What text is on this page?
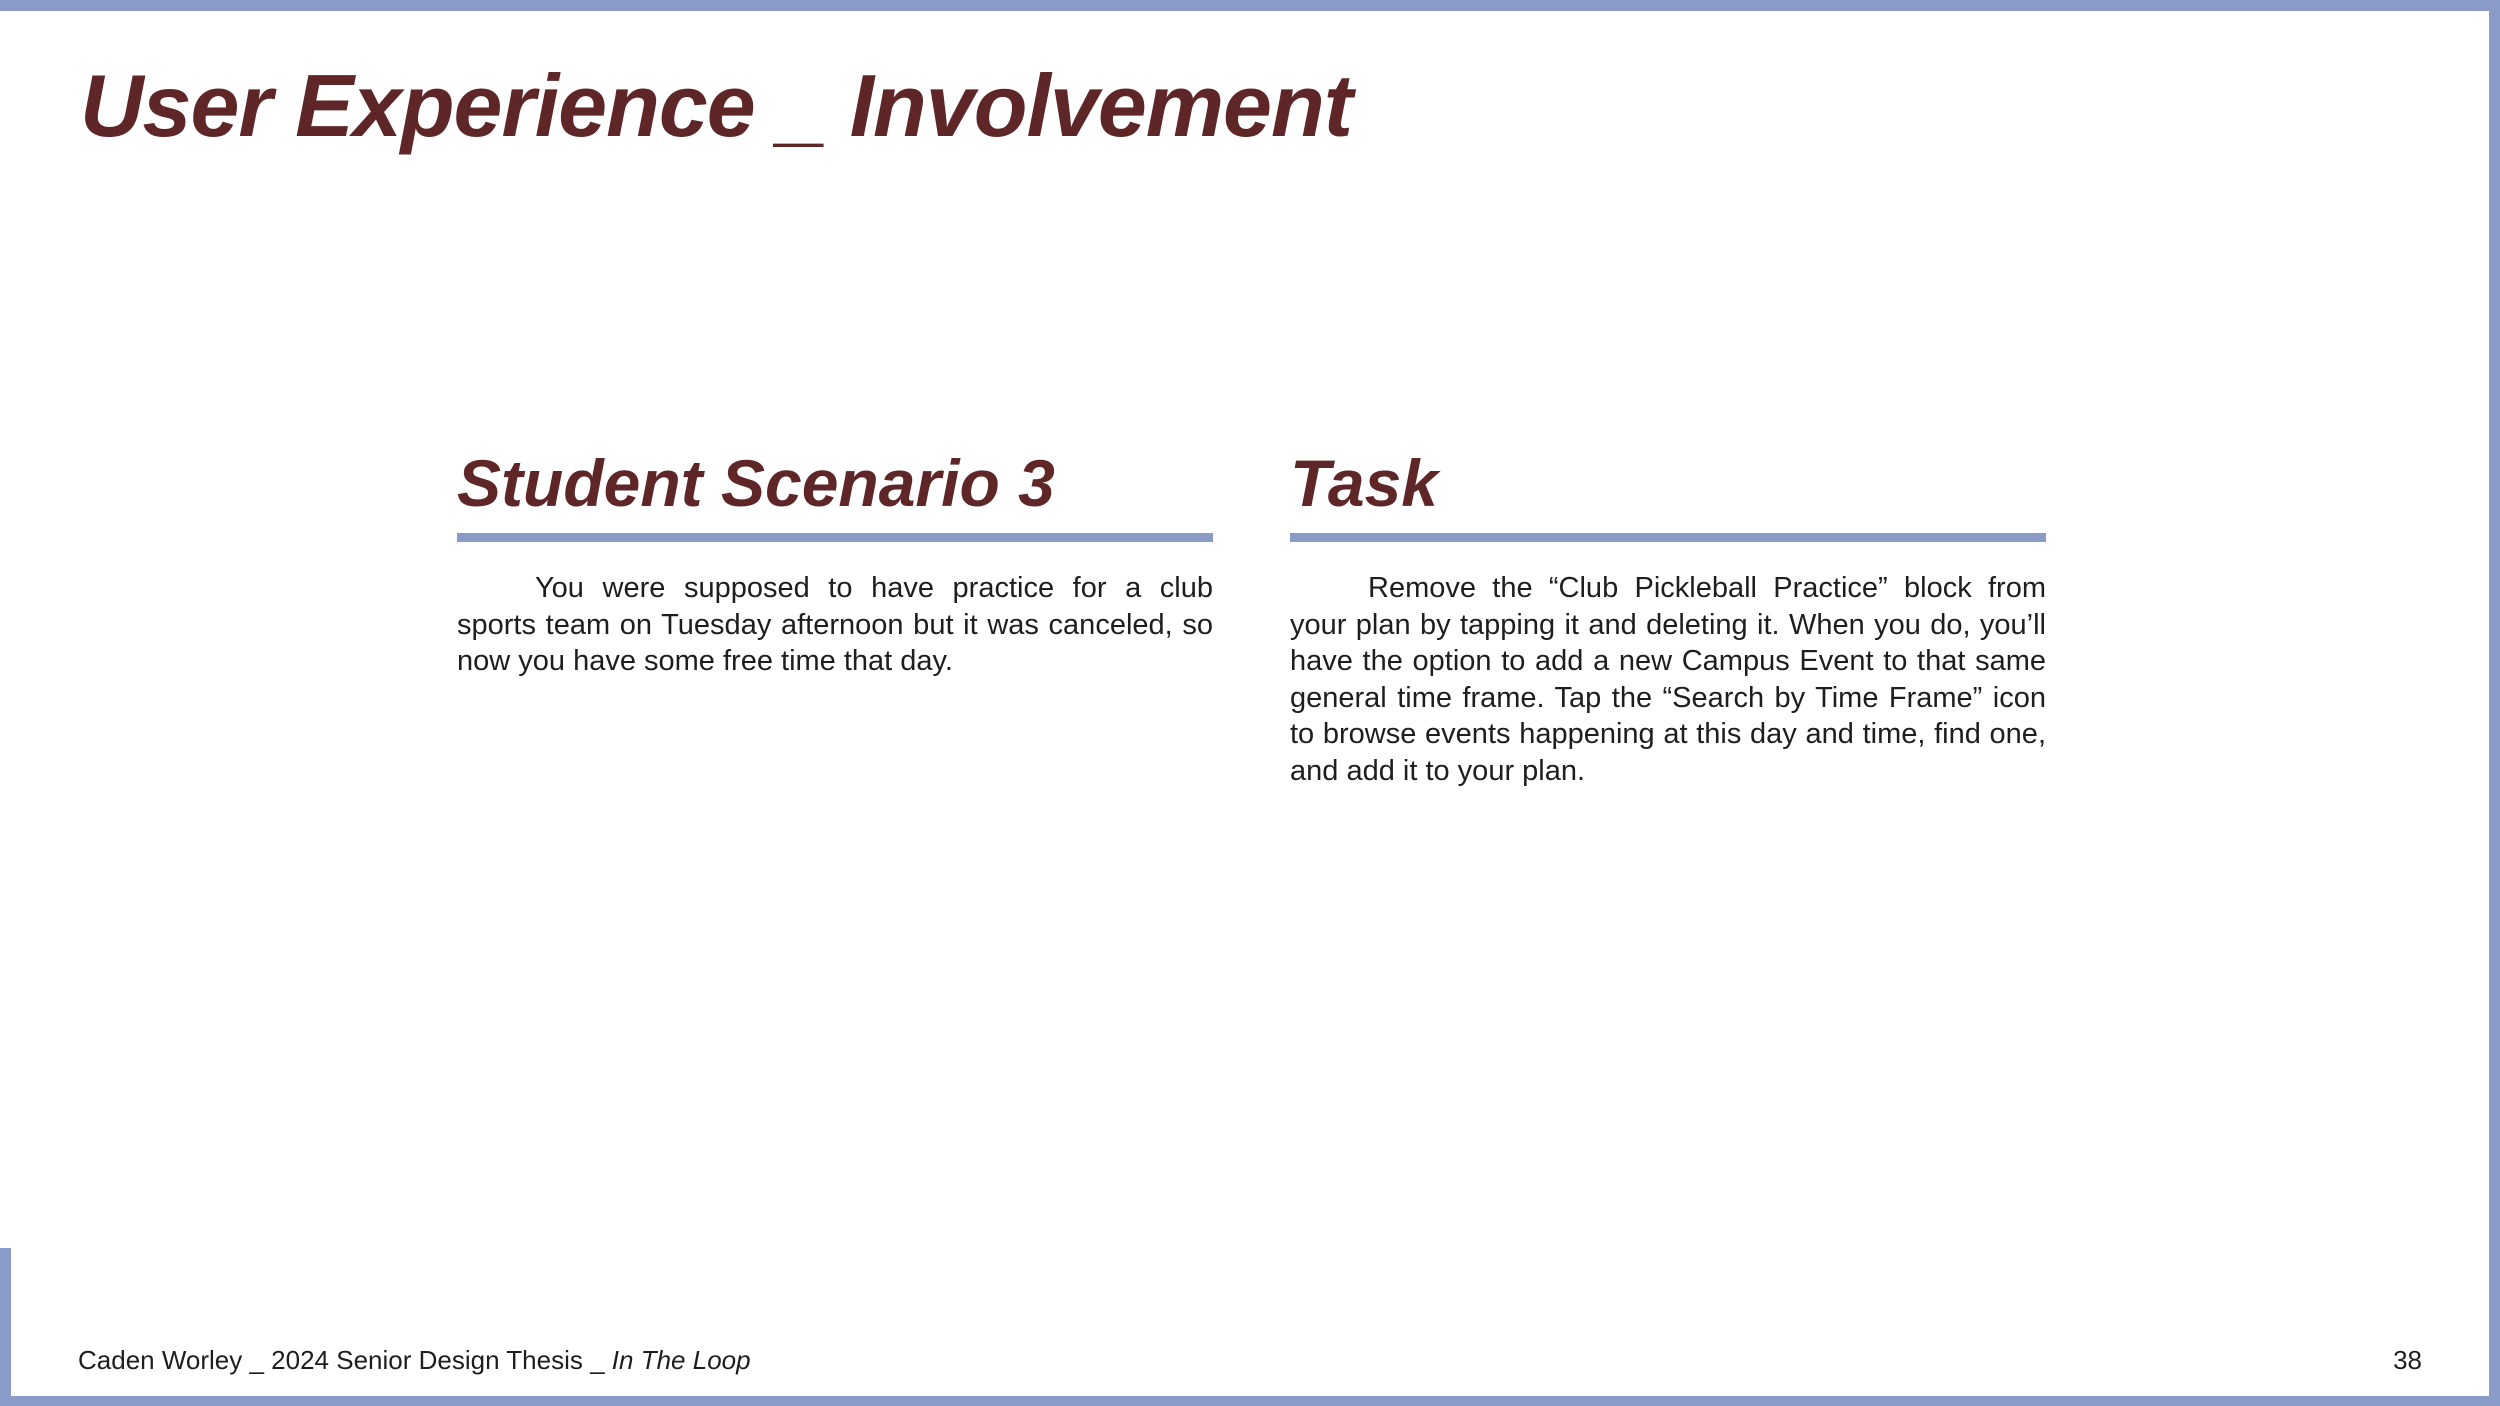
User Experience _ Involvement
Student Scenario 3

You were supposed to have practice for a club sports team on Tuesday afternoon but it was canceled, so now you have some free time that day.

Task

Remove the “Club Pickleball Practice” block from your plan by tapping it and deleting it. When you do, you’ll have the option to add a new Campus Event to that same general time frame. Tap the “Search by Time Frame” icon to browse events happening at this day and time, find one, and add it to your plan.

Caden Worley _ 2024 Senior Design Thesis _ In The Loop	38
